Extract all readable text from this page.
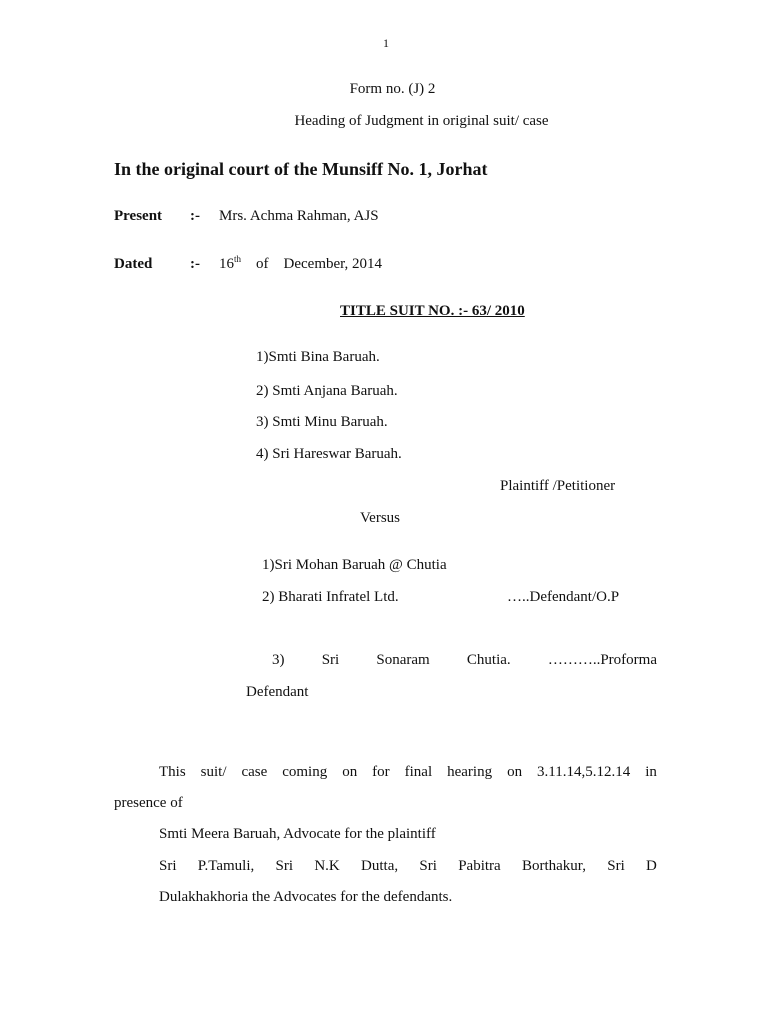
1
Form no. (J) 2
Heading of Judgment in original suit/ case
In the original court of the Munsiff No. 1, Jorhat
Present :- Mrs. Achma Rahman, AJS
Dated	:- 16th of December, 2014
TITLE SUIT NO. :- 63/ 2010
1)Smti Bina Baruah.
2) Smti Anjana Baruah.
3) Smti Minu Baruah.
4) Sri Hareswar Baruah.
Plaintiff /Petitioner
Versus
1)Sri Mohan Baruah @ Chutia
2) Bharati Infratel Ltd.	…..Defendant/O.P
3) Sri Sonaram Chutia. ………..Proforma
Defendant
This suit/ case coming on for final hearing on 3.11.14,5.12.14 in
presence of
Smti Meera Baruah, Advocate for the plaintiff
Sri P.Tamuli, Sri N.K Dutta, Sri Pabitra Borthakur, Sri D
Dulakhakhoria the Advocates for the defendants.
